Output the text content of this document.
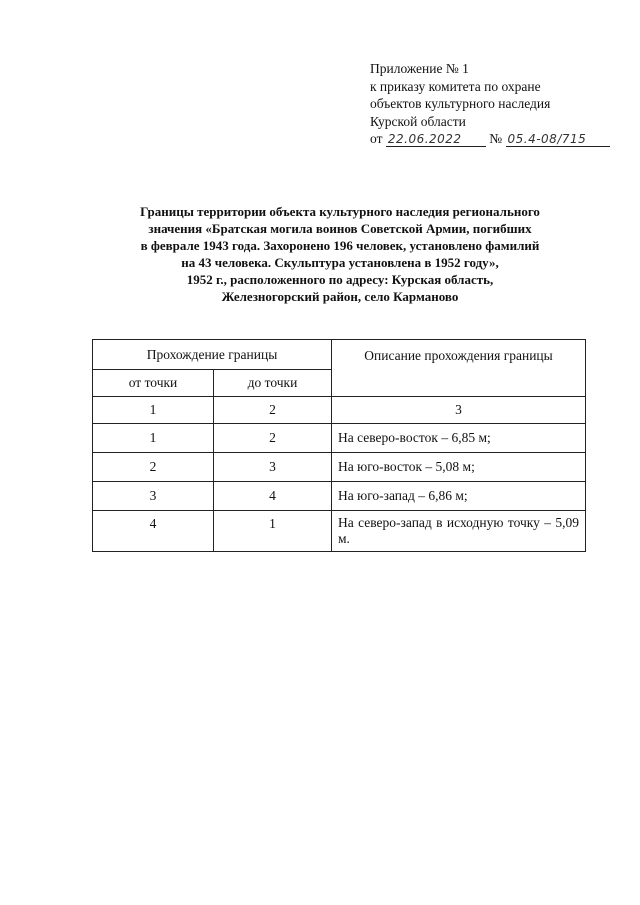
Приложение № 1
к приказу комитета по охране
объектов культурного наследия
Курской области
от 22.06.2022 № 05.4-08/715
Границы территории объекта культурного наследия регионального
значения «Братская могила воинов Советской Армии, погибших
в феврале 1943 года. Захоронено 196 человек, установлено фамилий
на 43 человека. Скульптура установлена в 1952 году»,
1952 г., расположенного по адресу: Курская область,
Железногорский район, село Карманово
Прохождение границы		Описание прохождения границы
от точки	до точки	
1	2	3
1	2	На северо-восток – 6,85 м;
2	3	На юго-восток – 5,08 м;
3	4	На юго-запад – 6,86 м;
4	1	На северо-запад в исходную точку – 5,09 м.
